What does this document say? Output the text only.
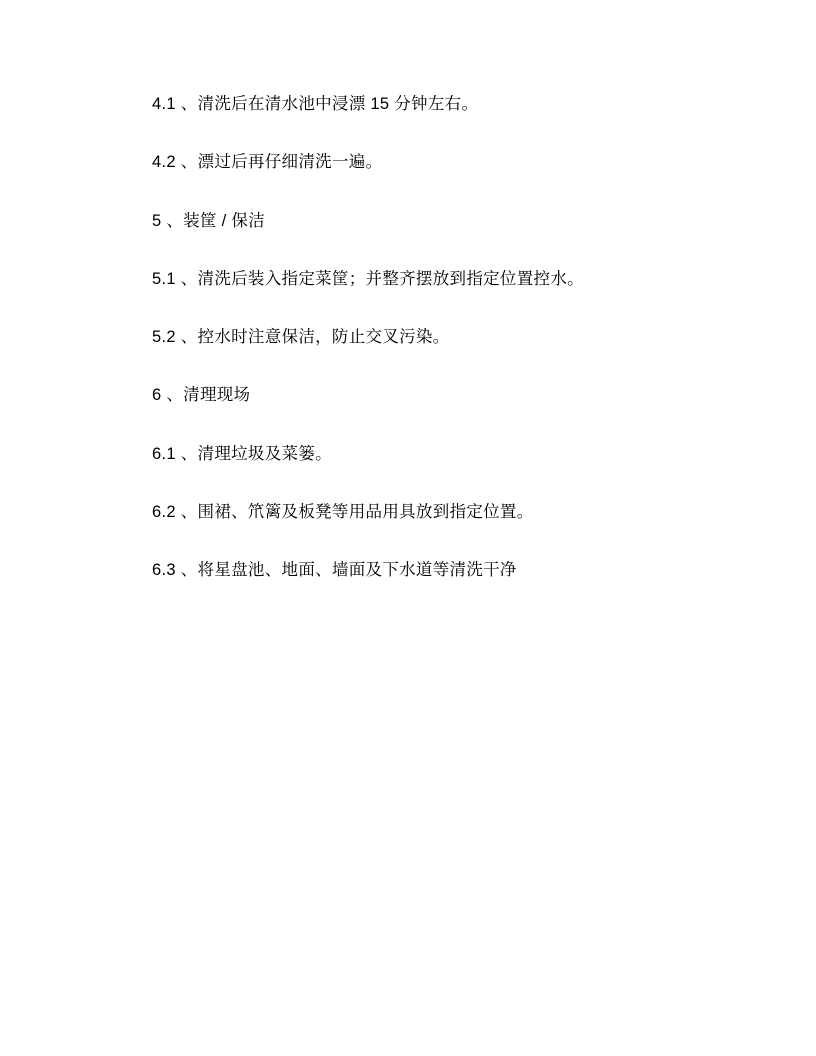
4.1 、清洗后在清水池中浸漂 15 分钟左右。

4.2 、漂过后再仔细清洗一遍。

5 、装筐 / 保洁

5.1 、清洗后装入指定菜筐；并整齐摆放到指定位置控水。

5.2 、控水时注意保洁，防止交叉污染。

6 、清理现场

6.1 、清理垃圾及菜篓。

6.2 、围裙、笊篱及板凳等用品用具放到指定位置。

6.3 、将星盘池、地面、墙面及下水道等清洗干净
